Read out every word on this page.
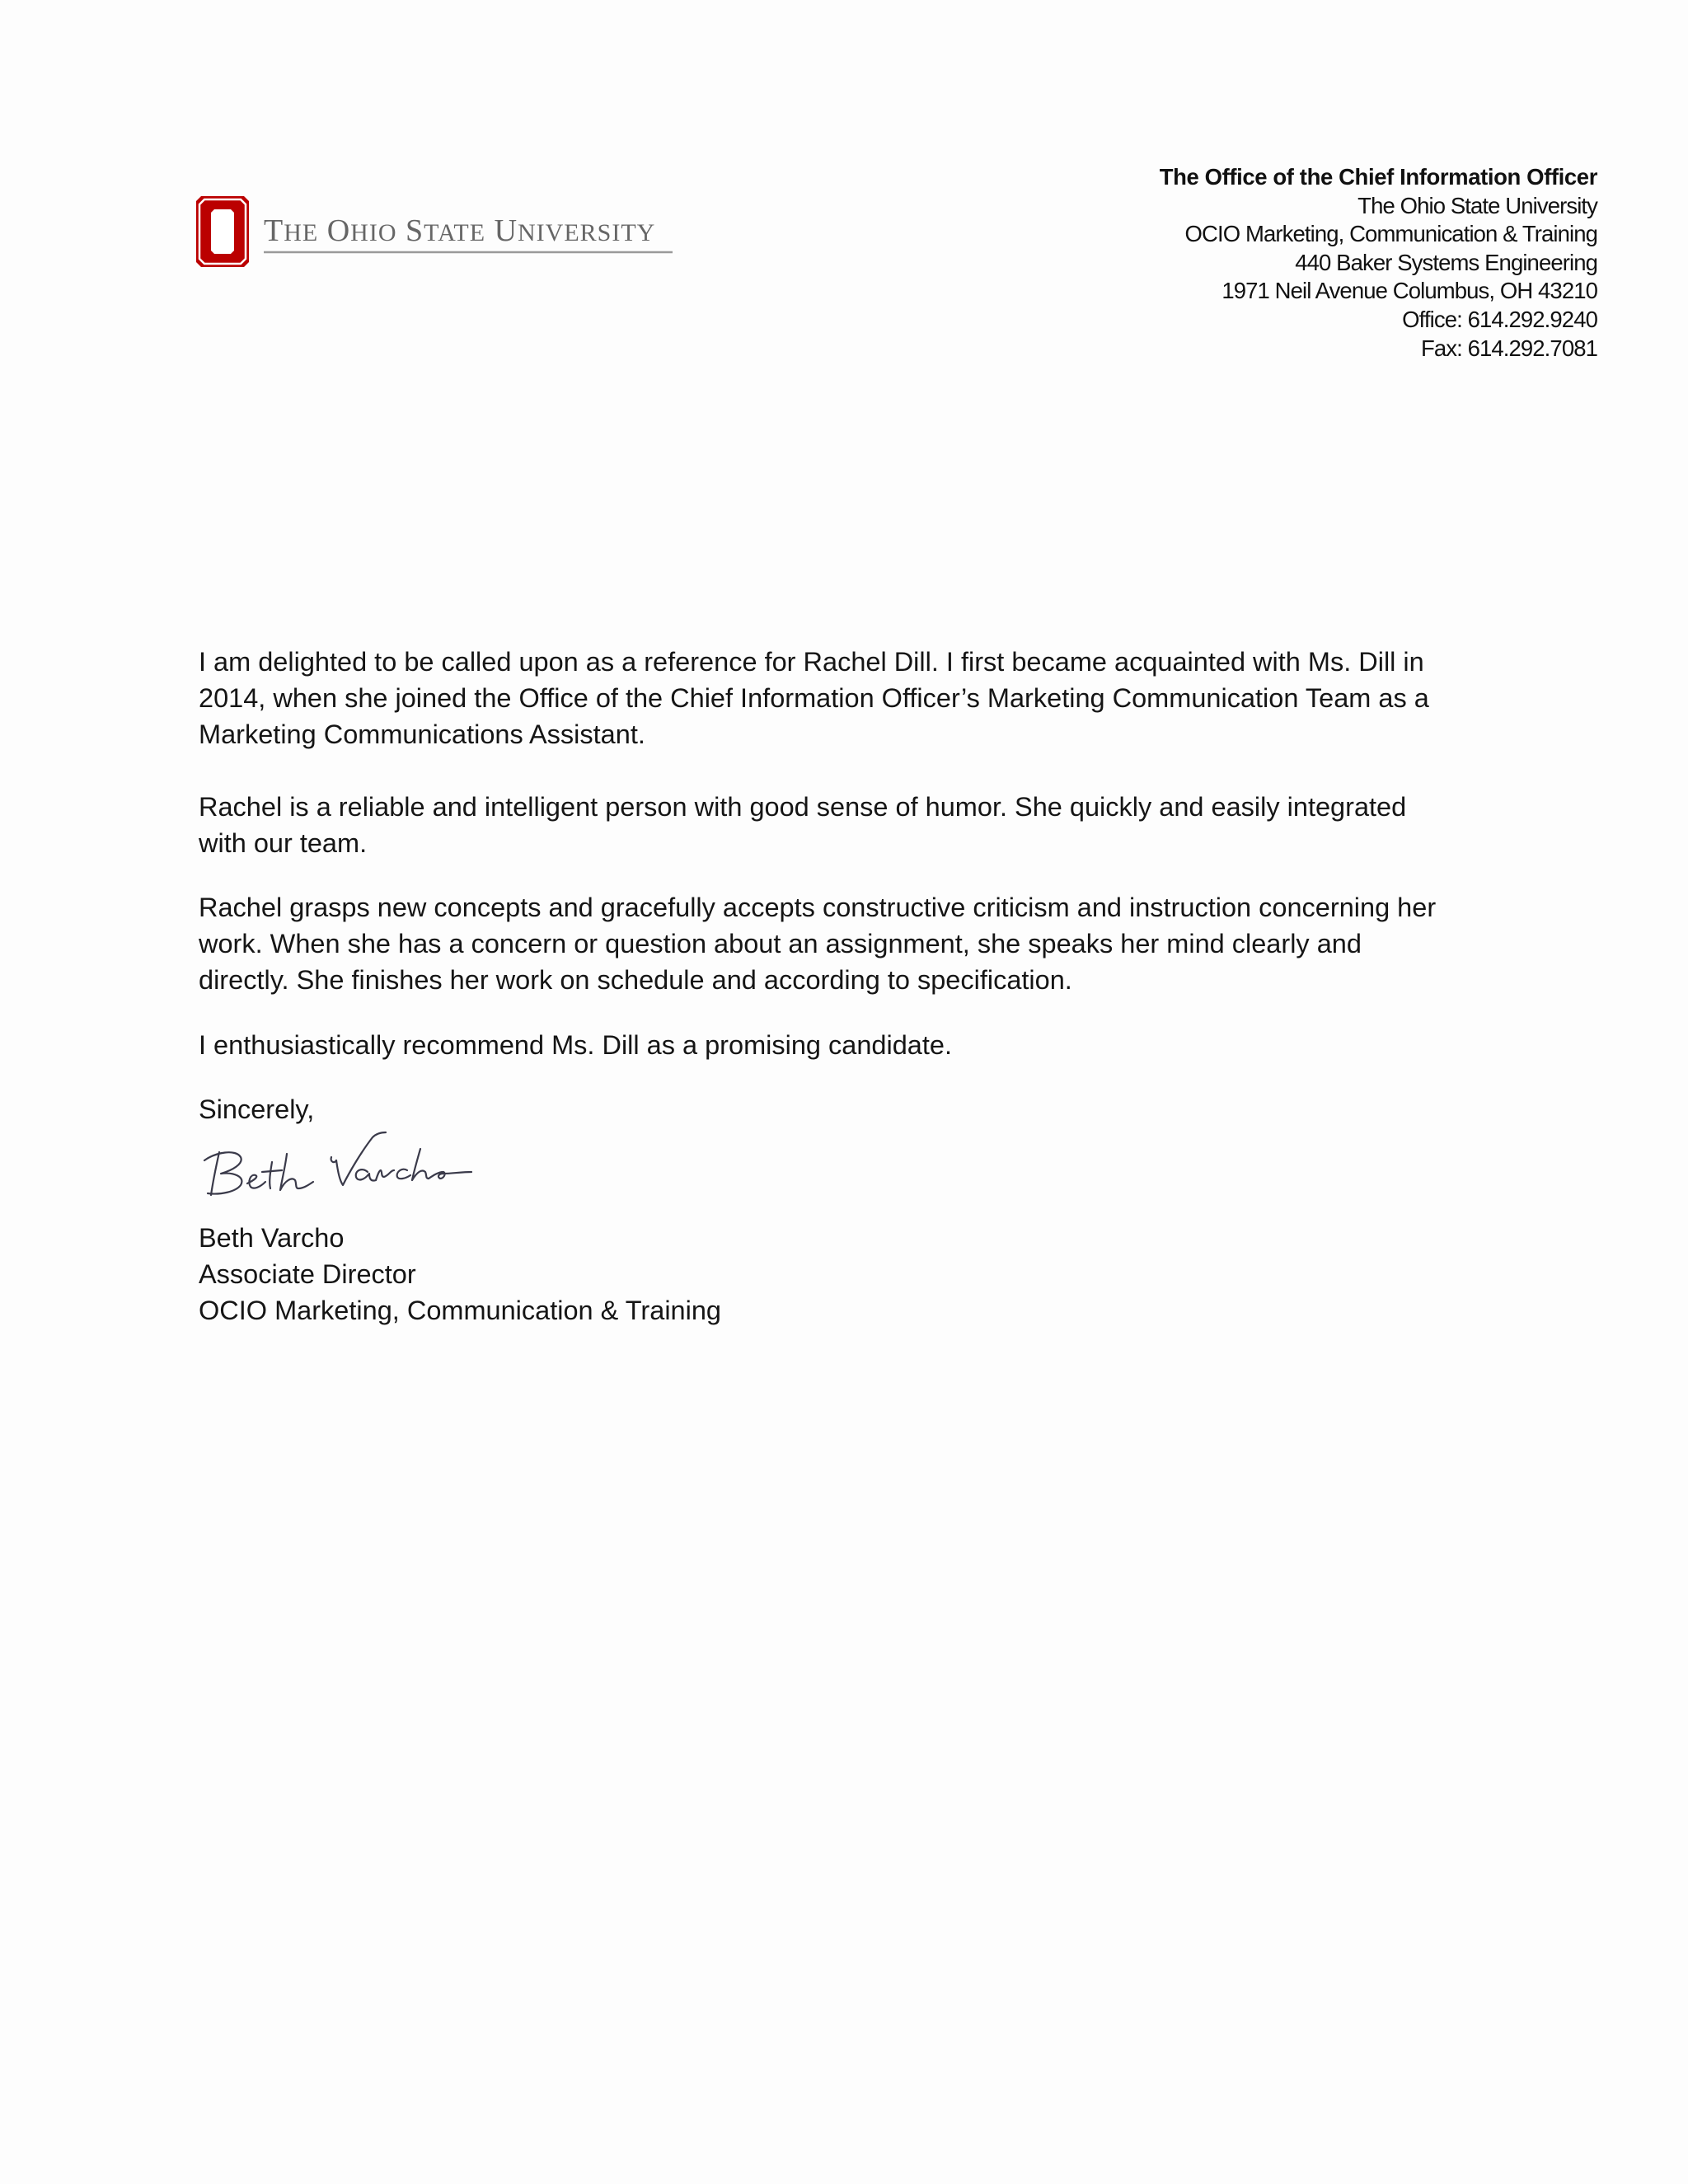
THE OHIO STATE UNIVERSITY
The Office of the Chief Information Officer
The Ohio State University
OCIO Marketing, Communication & Training
440 Baker Systems Engineering
1971 Neil Avenue Columbus, OH 43210
Office: 614.292.9240
Fax: 614.292.7081
I am delighted to be called upon as a reference for Rachel Dill. I first became acquainted with Ms. Dill in
2014, when she joined the Office of the Chief Information Officer’s Marketing Communication Team as a
Marketing Communications Assistant.
Rachel is a reliable and intelligent person with good sense of humor. She quickly and easily integrated
with our team.
Rachel grasps new concepts and gracefully accepts constructive criticism and instruction concerning her
work. When she has a concern or question about an assignment, she speaks her mind clearly and
directly. She finishes her work on schedule and according to specification.
I enthusiastically recommend Ms. Dill as a promising candidate.
Sincerely,
Beth Varcho
Associate Director
OCIO Marketing, Communication & Training
